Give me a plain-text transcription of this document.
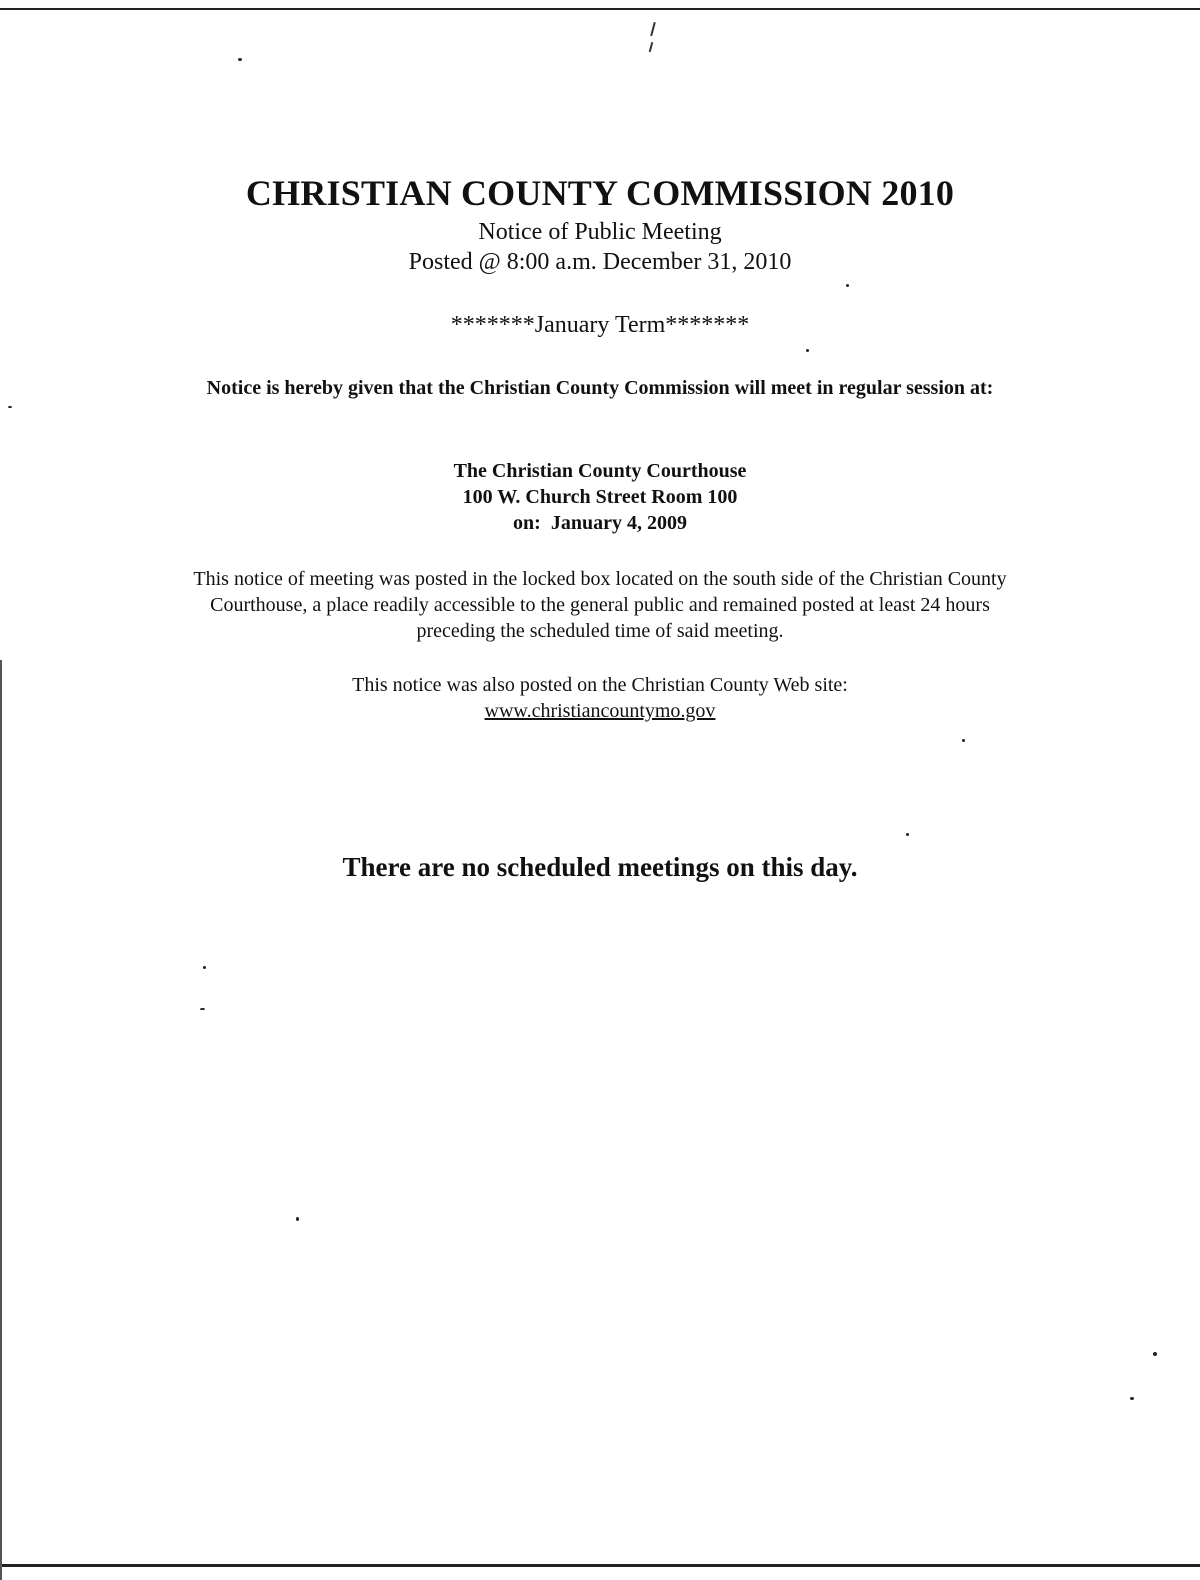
CHRISTIAN COUNTY COMMISSION 2010
Notice of Public Meeting
Posted @ 8:00 a.m. December 31, 2010
*******January Term*******
Notice is hereby given that the Christian County Commission will meet in regular session at:
The Christian County Courthouse
100 W. Church Street Room 100
on:  January 4, 2009
This notice of meeting was posted in the locked box located on the south side of the Christian County Courthouse, a place readily accessible to the general public and remained posted at least 24 hours preceding the scheduled time of said meeting.
This notice was also posted on the Christian County Web site:
www.christiancountymo.gov
There are no scheduled meetings on this day.
